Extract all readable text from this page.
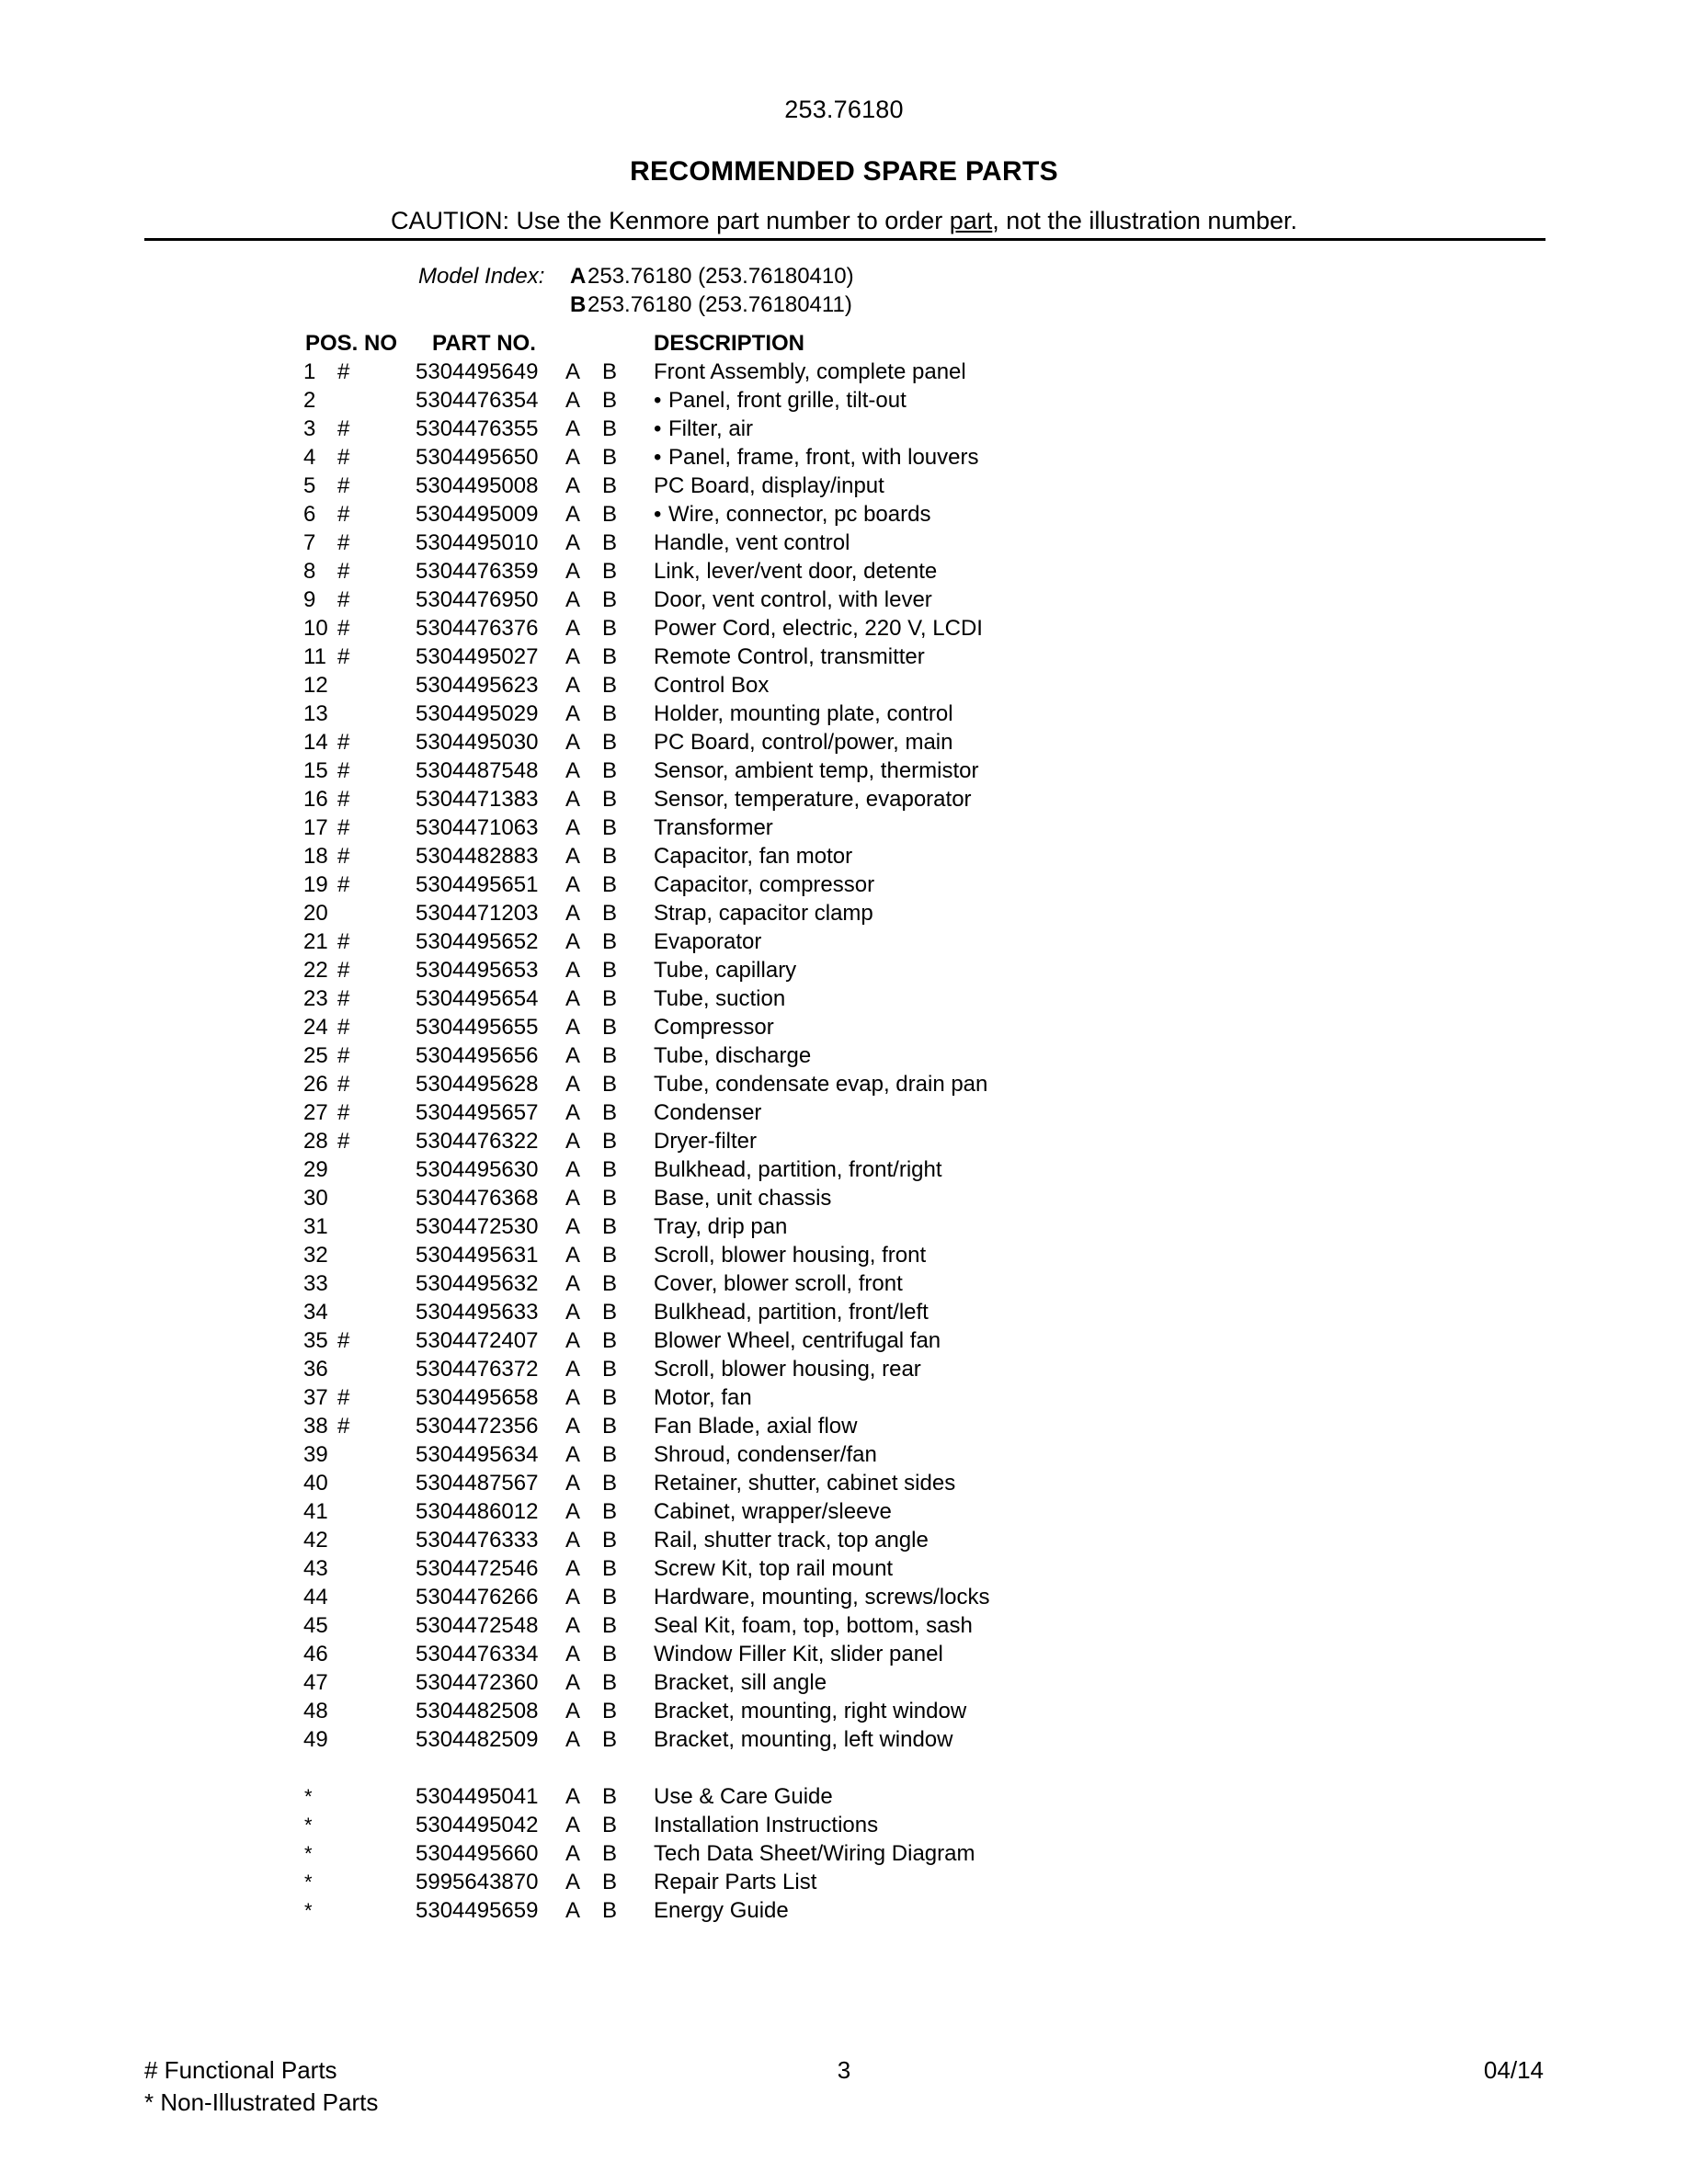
253.76180
RECOMMENDED SPARE PARTS
CAUTION: Use the Kenmore part number to order part, not the illustration number.
Model Index: A253.76180 (253.76180410)
B253.76180 (253.76180411)
POS. NO PART NO.	DESCRIPTION
1 #	5304495649	A B	Front Assembly, complete panel
2	5304476354	A B	• Panel, front grille, tilt-out
3 #	5304476355	A B	• Filter, air
4 #	5304495650	A B	• Panel, frame, front, with louvers
5 #	5304495008	A B	PC Board, display/input
6 #	5304495009	A B	• Wire, connector, pc boards
7 #	5304495010	A B	Handle, vent control
8 #	5304476359	A B	Link, lever/vent door, detente
9 #	5304476950	A B	Door, vent control, with lever
10 #	5304476376	A B	Power Cord, electric, 220 V, LCDI
11 #	5304495027	A B	Remote Control, transmitter
12	5304495623	A B	Control Box
13	5304495029	A B	Holder, mounting plate, control
14 #	5304495030	A B	PC Board, control/power, main
15 #	5304487548	A B	Sensor, ambient temp, thermistor
16 #	5304471383	A B	Sensor, temperature, evaporator
17 #	5304471063	A B	Transformer
18 #	5304482883	A B	Capacitor, fan motor
19 #	5304495651	A B	Capacitor, compressor
20	5304471203	A B	Strap, capacitor clamp
21 #	5304495652	A B	Evaporator
22 #	5304495653	A B	Tube, capillary
23 #	5304495654	A B	Tube, suction
24 #	5304495655	A B	Compressor
25 #	5304495656	A B	Tube, discharge
26 #	5304495628	A B	Tube, condensate evap, drain pan
27 #	5304495657	A B	Condenser
28 #	5304476322	A B	Dryer-filter
29	5304495630	A B	Bulkhead, partition, front/right
30	5304476368	A B	Base, unit chassis
31	5304472530	A B	Tray, drip pan
32	5304495631	A B	Scroll, blower housing, front
33	5304495632	A B	Cover, blower scroll, front
34	5304495633	A B	Bulkhead, partition, front/left
35 #	5304472407	A B	Blower Wheel, centrifugal fan
36	5304476372	A B	Scroll, blower housing, rear
37 #	5304495658	A B	Motor, fan
38 #	5304472356	A B	Fan Blade, axial flow
39	5304495634	A B	Shroud, condenser/fan
40	5304487567	A B	Retainer, shutter, cabinet sides
41	5304486012	A B	Cabinet, wrapper/sleeve
42	5304476333	A B	Rail, shutter track, top angle
43	5304472546	A B	Screw Kit, top rail mount
44	5304476266	A B	Hardware, mounting, screws/locks
45	5304472548	A B	Seal Kit, foam, top, bottom, sash
46	5304476334	A B	Window Filler Kit, slider panel
47	5304472360	A B	Bracket, sill angle
48	5304482508	A B	Bracket, mounting, right window
49	5304482509	A B	Bracket, mounting, left window
*	5304495041	A B	Use & Care Guide
*	5304495042	A B	Installation Instructions
*	5304495660	A B	Tech Data Sheet/Wiring Diagram
*	5995643870	A B	Repair Parts List
*	5304495659	A B	Energy Guide
# Functional Parts
* Non-Illustrated Parts
3	04/14
